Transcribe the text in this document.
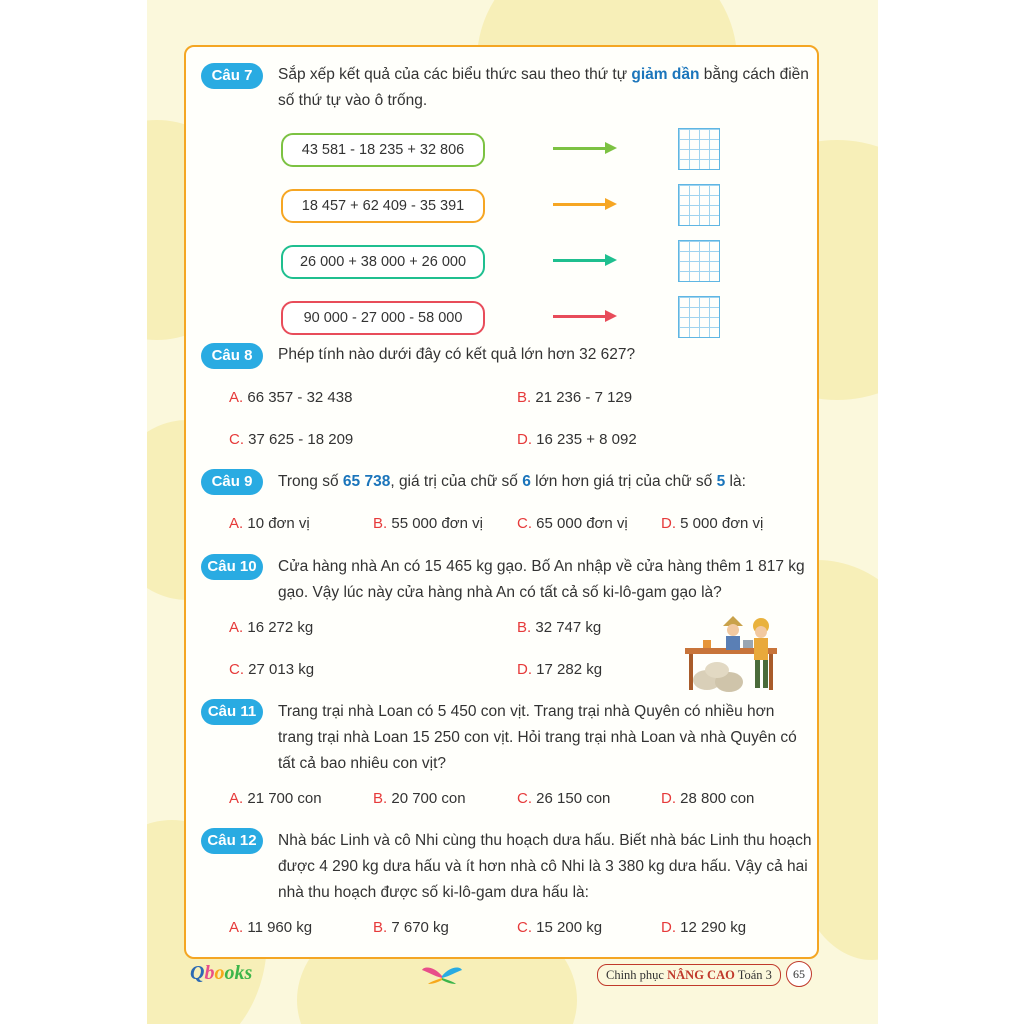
Câu 7	Sắp xếp kết quả của các biểu thức sau theo thứ tự giảm dần bằng cách điền số thứ tự vào ô trống.
43 581 - 18 235 + 32 806
18 457 + 62 409 - 35 391
26 000 + 38 000 + 26 000
90 000 - 27 000 - 58 000
Câu 8	Phép tính nào dưới đây có kết quả lớn hơn 32 627?
A. 66 357 - 32 438	B. 21 236 - 7 129
C. 37 625 - 18 209	D. 16 235 + 8 092
Câu 9	Trong số 65 738, giá trị của chữ số 6 lớn hơn giá trị của chữ số 5 là:
A. 10 đơn vị	B. 55 000 đơn vị C. 65 000 đơn vị D. 5 000 đơn vị
Câu 10	Cửa hàng nhà An có 15 465 kg gạo. Bố An nhập về cửa hàng thêm 1 817 kg gạo. Vậy lúc này cửa hàng nhà An có tất cả số ki-lô-gam gạo là?
A. 16 272 kg	B. 32 747 kg
C. 27 013 kg	D. 17 282 kg
Câu 11	Trang trại nhà Loan có 5 450 con vịt. Trang trại nhà Quyên có nhiều hơn trang trại nhà Loan 15 250 con vịt. Hỏi trang trại nhà Loan và nhà Quyên có tất cả bao nhiêu con vịt?
A. 21 700 con	B. 20 700 con	C. 26 150 con	D. 28 800 con
Câu 12	Nhà bác Linh và cô Nhi cùng thu hoạch dưa hấu. Biết nhà bác Linh thu hoạch được 4 290 kg dưa hấu và ít hơn nhà cô Nhi là 3 380 kg dưa hấu. Vậy cả hai nhà thu hoạch được số ki-lô-gam dưa hấu là:
A. 11 960 kg	B. 7 670 kg	C. 15 200 kg	D. 12 290 kg
Qbooks	Chinh phục NÂNG CAO Toán 3	65
